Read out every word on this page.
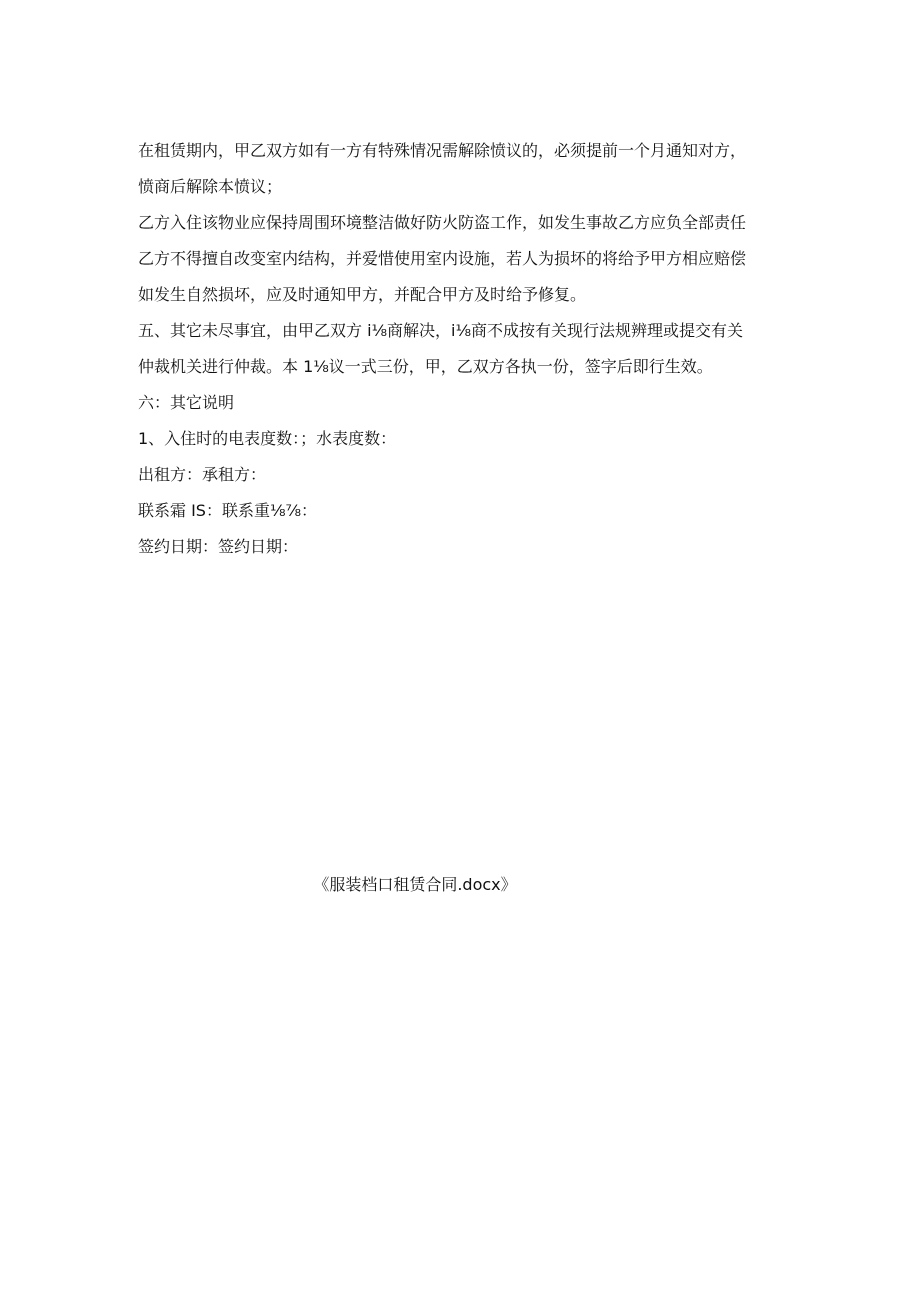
在租赁期内，甲乙双方如有一方有特殊情况需解除愤议的，必须提前一个月通知对方，
愤商后解除本愤议；
乙方入住该物业应保持周围环境整洁做好防火防盗工作，如发生事故乙方应负全部责任
乙方不得擅自改变室内结构，并爱惜使用室内设施，若人为损坏的将给予甲方相应赔偿
如发生自然损坏，应及时通知甲方，并配合甲方及时给予修复。
五、其它未尽事宜，由甲乙双方 i⅛商解决，i⅛商不成按有关现行法规辨理或提交有关
仲裁机关进行仲裁。本 1⅛议一式三份，甲，乙双方各执一份，签字后即行生效。
六：其它说明
1、入住时的电表度数：；水表度数：
出租方：承租方：
联系霜 IS：联系重⅛⅞：
签约日期：签约日期：
《服装档口租赁合同.docx》
